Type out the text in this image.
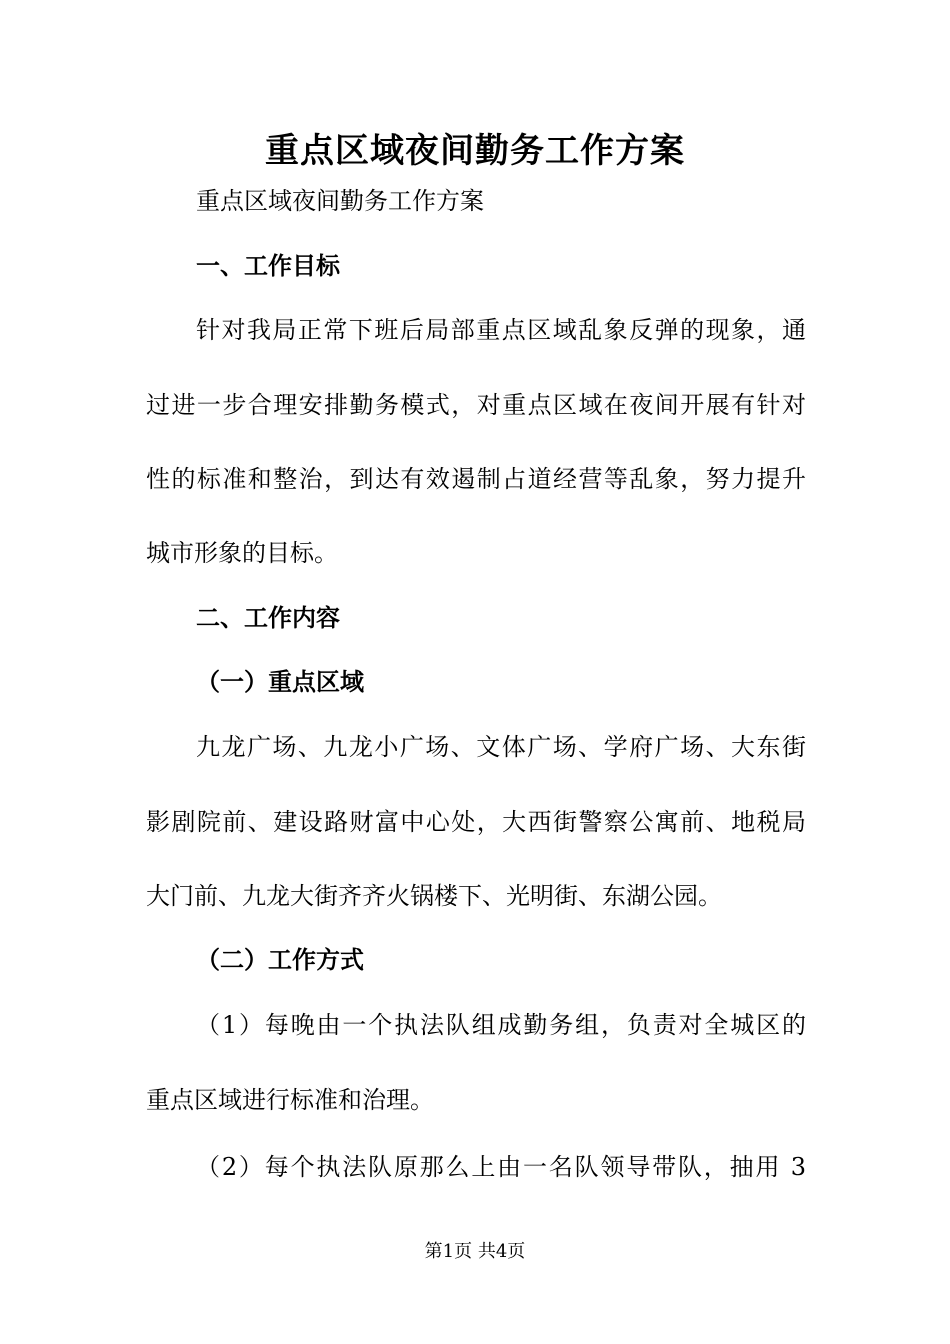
重点区域夜间勤务工作方案
重点区域夜间勤务工作方案
一、工作目标
针对我局正常下班后局部重点区域乱象反弹的现象，通
过进一步合理安排勤务模式，对重点区域在夜间开展有针对
性的标准和整治，到达有效遏制占道经营等乱象，努力提升
城市形象的目标。
二、工作内容
（一）重点区域
九龙广场、九龙小广场、文体广场、学府广场、大东街
影剧院前、建设路财富中心处，大西街警察公寓前、地税局
大门前、九龙大街齐齐火锅楼下、光明街、东湖公园。
（二）工作方式
（1）每晚由一个执法队组成勤务组，负责对全城区的
重点区域进行标准和治理。
（2）每个执法队原那么上由一名队领导带队，抽用 3
第1页 共4页
